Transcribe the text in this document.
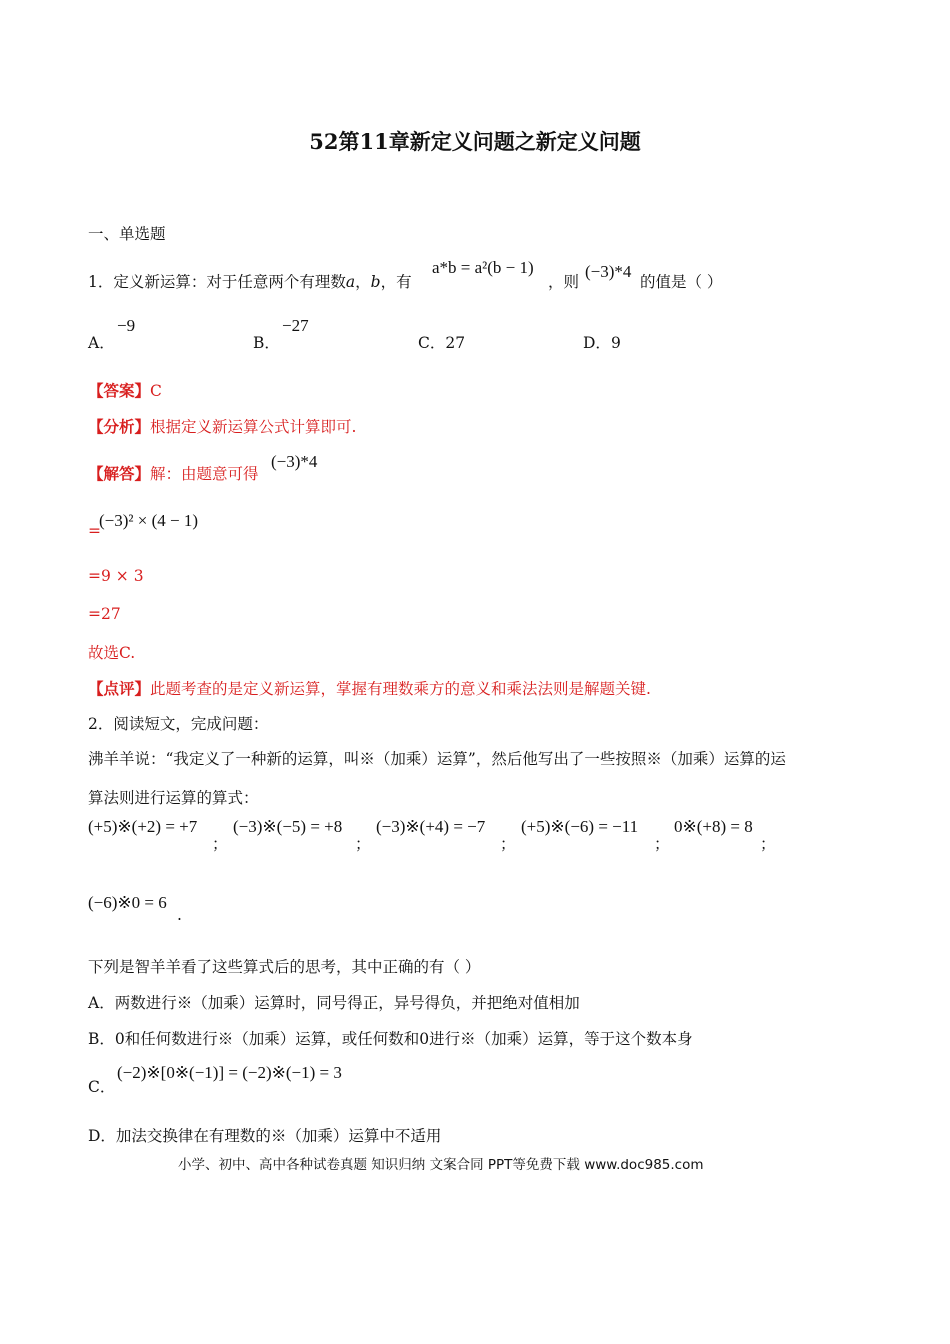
52第11章新定义问题之新定义问题
一、单选题
1．定义新运算：对于任意两个有理数a，b，有
a*b = a²(b − 1)
，则
(−3)*4
的值是（ ）
A．
−9
B．
−27
C．27	D．9
【答案】C
【分析】根据定义新运算公式计算即可.
【解答】解：由题意可得
(−3)*4
=
(−3)² × (4 − 1)
=9 × 3
=27
故选C.
【点评】此题考查的是定义新运算，掌握有理数乘方的意义和乘法法则是解题关键.
2．阅读短文，完成问题：
沸羊羊说：“我定义了一种新的运算，叫※（加乘）运算”，然后他写出了一些按照※（加乘）运算的运
算法则进行运算的算式：
(+5)※(+2) = +7
；
(−3)※(−5) = +8
；
(−3)※(+4) = −7
；
(+5)※(−6) = −11
；
0※(+8) = 8
；
(−6)※0 = 6
.
下列是智羊羊看了这些算式后的思考，其中正确的有（ ）
A．两数进行※（加乘）运算时，同号得正，异号得负，并把绝对值相加
B．0和任何数进行※（加乘）运算，或任何数和0进行※（加乘）运算，等于这个数本身
C．
(−2)※[0※(−1)] = (−2)※(−1) = 3
D．加法交换律在有理数的※（加乘）运算中不适用
小学、初中、高中各种试卷真题 知识归纳 文案合同 PPT等免费下载 www.doc985.com
